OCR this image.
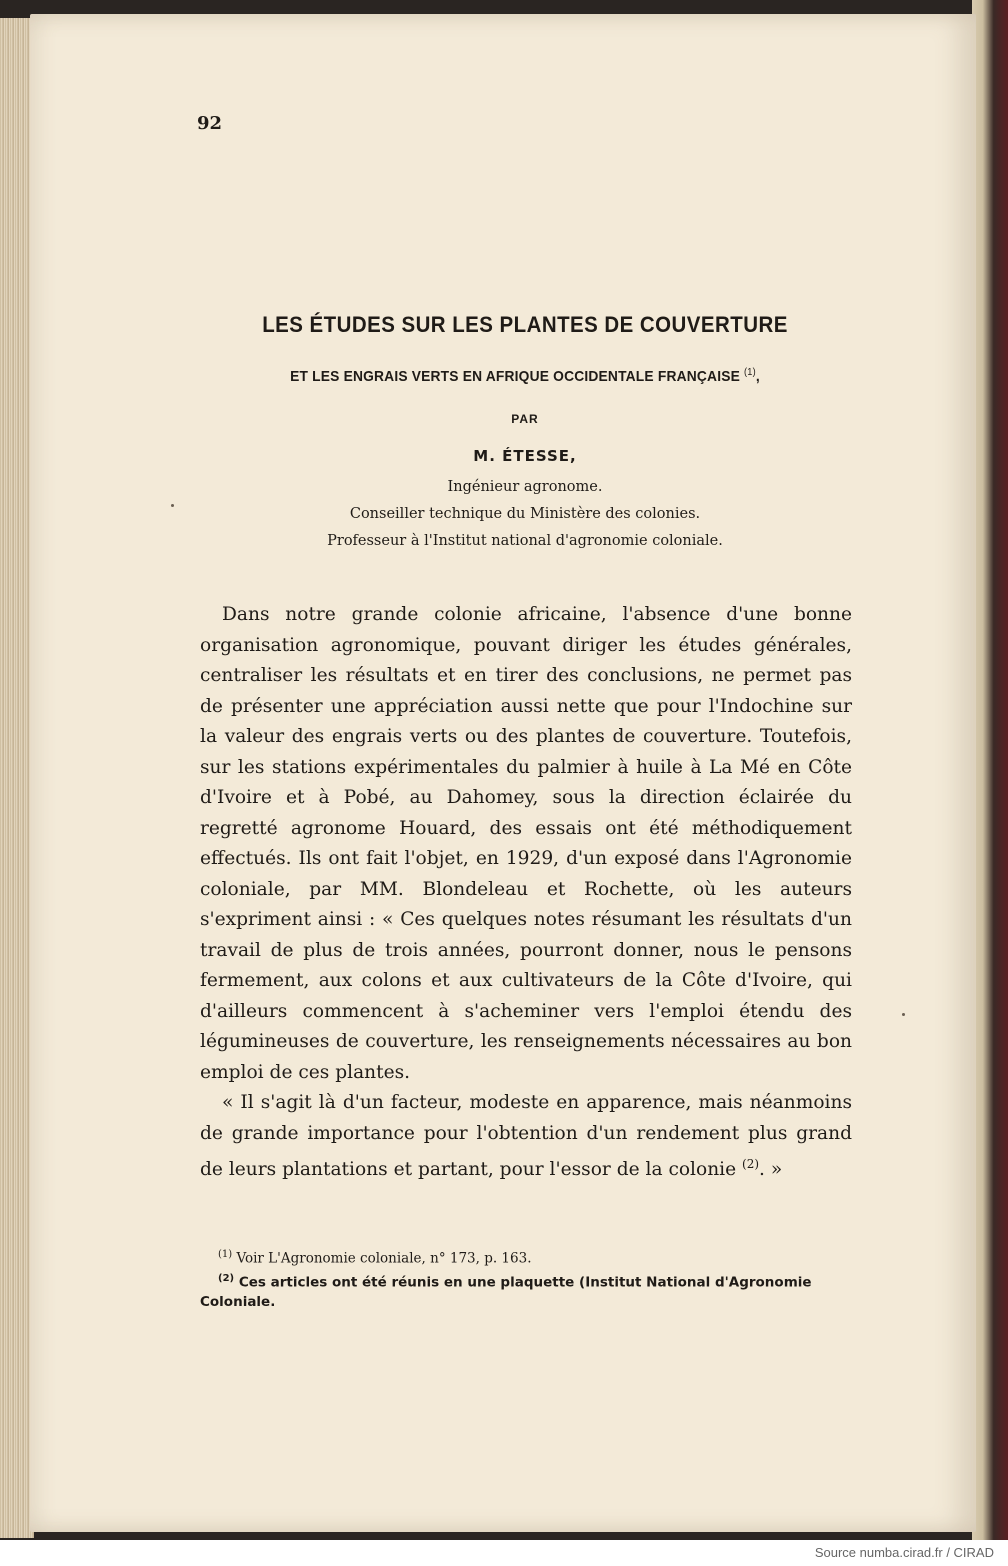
92
LES ÉTUDES SUR LES PLANTES DE COUVERTURE
ET LES ENGRAIS VERTS EN AFRIQUE OCCIDENTALE FRANÇAISE $^{(1)}$,
PAR
M. ÉTESSE,
Ingénieur agronome.
Conseiller technique du Ministère des colonies.
Professeur à l'Institut national d'agronomie coloniale.

Dans notre grande colonie africaine, l'absence d'une bonne organisation agronomique, pouvant diriger les études générales, centraliser les résultats et en tirer des conclusions, ne permet pas de présenter une appréciation aussi nette que pour l'Indochine sur la valeur des engrais verts ou des plantes de couverture. Toutefois, sur les stations expérimentales du palmier à huile à La Mé en Côte d'Ivoire et à Pobé, au Dahomey, sous la direction éclairée du regretté agronome Houard, des essais ont été méthodiquement effectués. Ils ont fait l'objet, en 1929, d'un exposé dans l'Agronomie coloniale, par MM. Blondeleau et Rochette, où les auteurs s'expriment ainsi : « Ces quelques notes résumant les résultats d'un travail de plus de trois années, pourront donner, nous le pensons fermement, aux colons et aux cultivateurs de la Côte d'Ivoire, qui d'ailleurs commencent à s'acheminer vers l'emploi étendu des légumineuses de couverture, les renseignements nécessaires au bon emploi de ces plantes.

« Il s'agit là d'un facteur, modeste en apparence, mais néanmoins de grande importance pour l'obtention d'un rendement plus grand de leurs plantations et partant, pour l'essor de la colonie $^{(2)}$. »

$^{(1)}$ Voir L'Agronomie coloniale, n° 173, p. 163.

$^{(2)}$ Ces articles ont été réunis en une plaquette (Institut National d'Agronomie Coloniale.

Source numba.cirad.fr / CIRAD
